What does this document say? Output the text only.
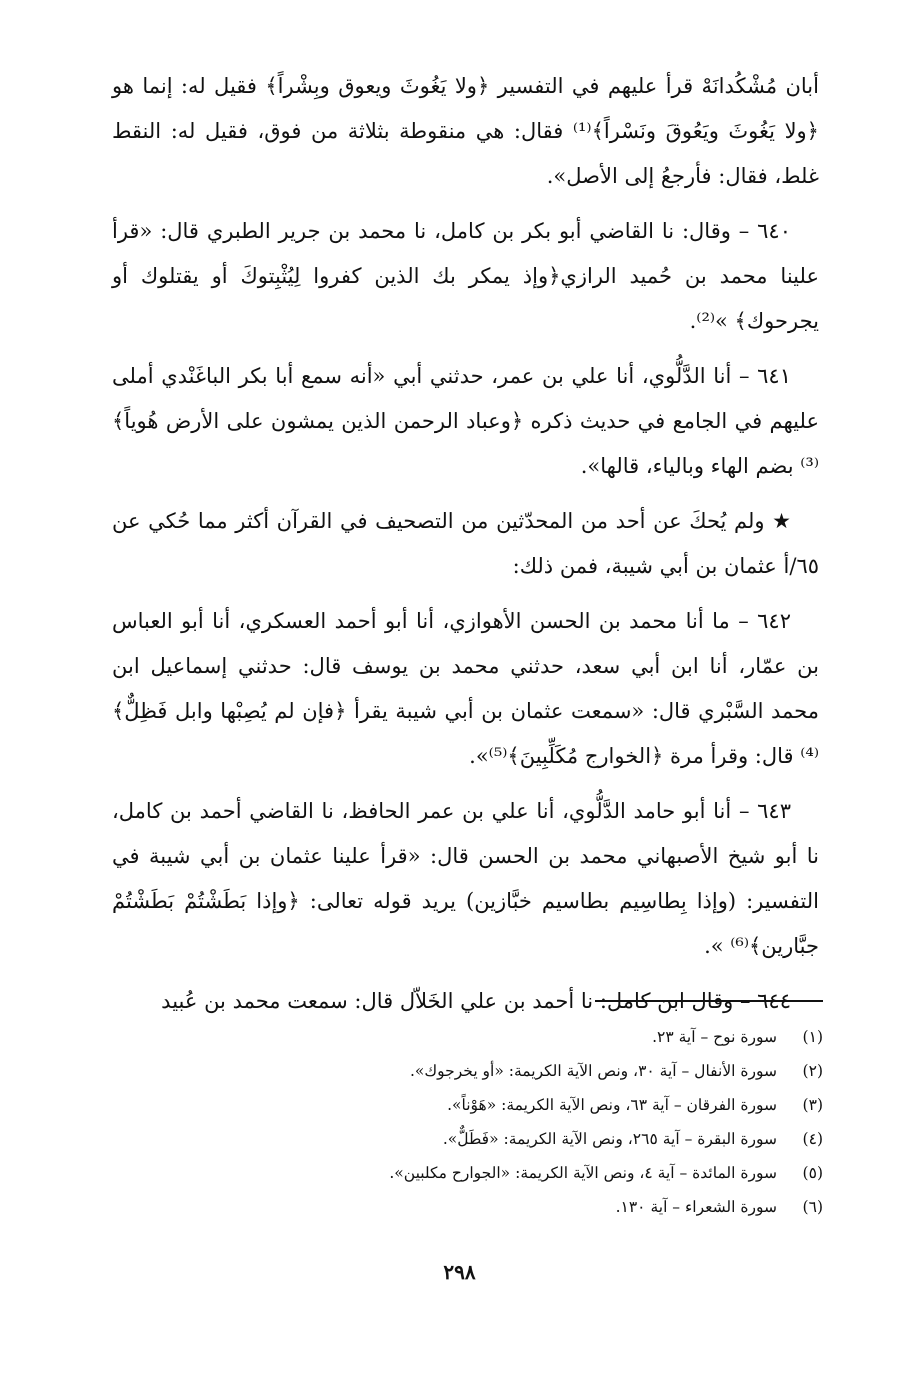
أبان مُشْكُدانَهْ قرأ عليهم في التفسير ﴿ولا يَغُوثَ ويعوق وبِشْراً﴾ فقيل له: إنما هو ﴿ولا يَغُوثَ ويَعُوقَ ونَسْراً﴾⁽¹⁾ فقال: هي منقوطة بثلاثة من فوق، فقيل له: النقط غلط، فقال: فأرجعُ إلى الأصل».

٦٤٠ – وقال: نا القاضي أبو بكر بن كامل، نا محمد بن جرير الطبري قال: «قرأ علينا محمد بن حُميد الرازي﴿وإذ يمكر بك الذين كفروا لِيُثْبِتوكَ أو يقتلوك أو يجرحوك﴾ »⁽²⁾.

٦٤١ – أنا الدَّلُّوي، أنا علي بن عمر، حدثني أبي «أنه سمع أبا بكر الباغَنْدي أملى عليهم في الجامع في حديث ذكره ﴿وعباد الرحمن الذين يمشون على الأرض هُوياً﴾⁽³⁾ بضم الهاء وبالياء، قالها».

★ ولم يُحكَ عن أحد من المحدّثين من التصحيف في القرآن أكثر مما حُكي عن ٦٥/أ عثمان بن أبي شيبة، فمن ذلك:

٦٤٢ – ما أنا محمد بن الحسن الأهوازي، أنا أبو أحمد العسكري، أنا أبو العباس بن عمّار، أنا ابن أبي سعد، حدثني محمد بن يوسف قال: حدثني إسماعيل ابن محمد السَّبْري قال: «سمعت عثمان بن أبي شيبة يقرأ ﴿فإن لم يُصِبْها وابل فَظِلٌّ﴾⁽⁴⁾ قال: وقرأ مرة ﴿الخوارج مُكَلِّبِينَ﴾⁽⁵⁾».

٦٤٣ – أنا أبو حامد الدَّلُّوي، أنا علي بن عمر الحافظ، نا القاضي أحمد بن كامل، نا أبو شيخ الأصبهاني محمد بن الحسن قال: «قرأ علينا عثمان بن أبي شيبة في التفسير: (وإذا بِطاسِيم بطاسيم خبَّازين) يريد قوله تعالى: ﴿وإذا بَطَشْتُمْ بَطَشْتُمْ جبَّارين﴾⁽⁶⁾ ».

٦٤٤ – وقال ابن كامل: نا أحمد بن علي الخَلاّل قال: سمعت محمد بن عُبيد

(١)
سورة نوح – آية ٢٣.
(٢)
سورة الأنفال – آية ٣٠، ونص الآية الكريمة: «أو يخرجوك».
(٣)
سورة الفرقان – آية ٦٣، ونص الآية الكريمة: «هَوْناً».
(٤)
سورة البقرة – آية ٢٦٥، ونص الآية الكريمة: «فَطَلٌّ».
(٥)
سورة المائدة – آية ٤، ونص الآية الكريمة: «الجوارح مكلبين».
(٦)
سورة الشعراء – آية ١٣٠.
٢٩٨
